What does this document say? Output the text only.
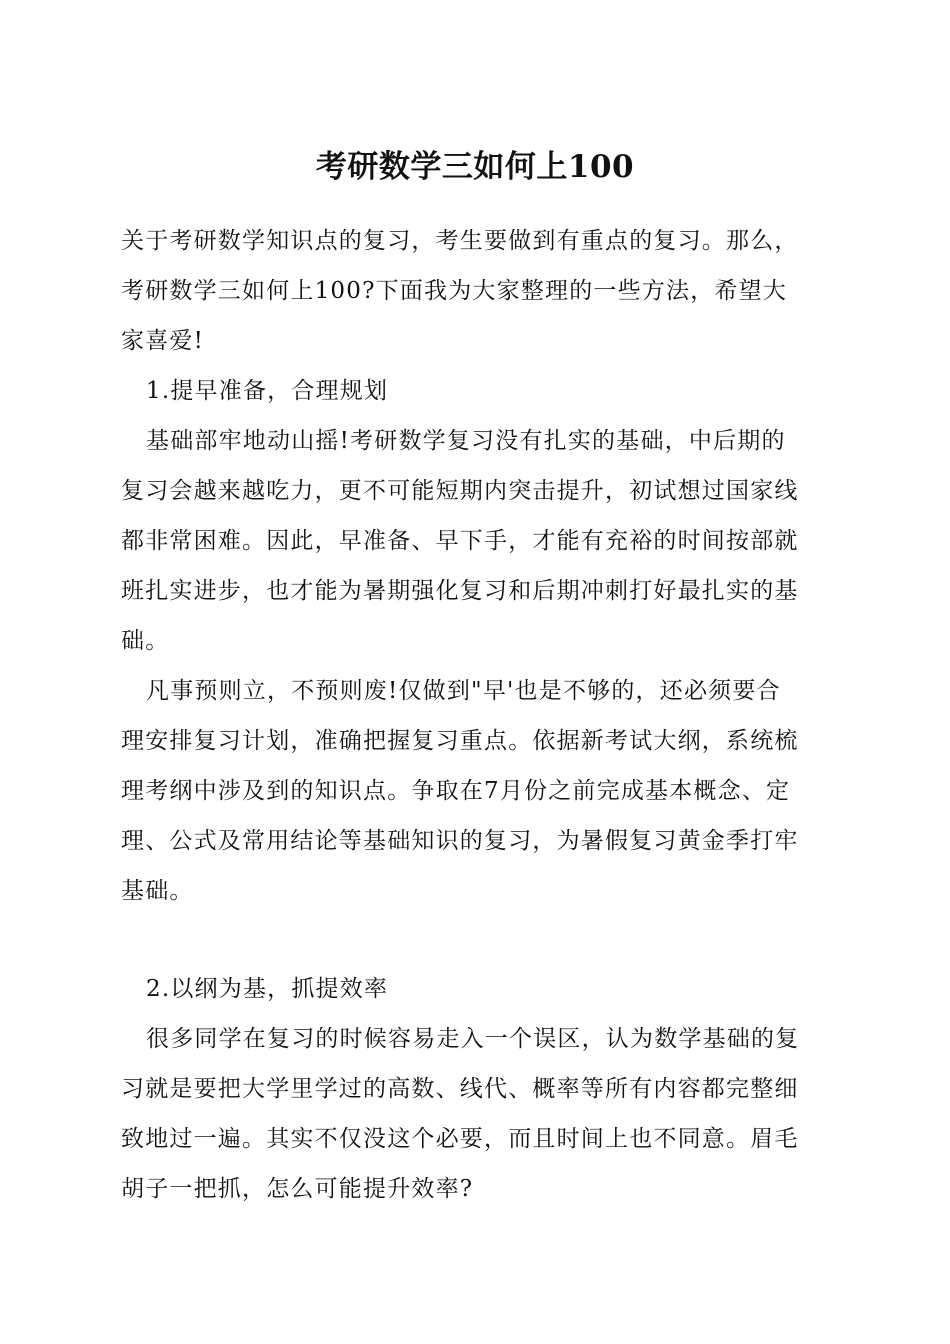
考研数学三如何上100
关于考研数学知识点的复习，考生要做到有重点的复习。那么，
考研数学三如何上100?下面我为大家整理的一些方法，希望大
家喜爱!
1.提早准备，合理规划
基础部牢地动山摇!考研数学复习没有扎实的基础，中后期的
复习会越来越吃力，更不可能短期内突击提升，初试想过国家线
都非常困难。因此，早准备、早下手，才能有充裕的时间按部就
班扎实进步，也才能为暑期强化复习和后期冲刺打好最扎实的基
础。
凡事预则立，不预则废!仅做到"早'也是不够的，还必须要合
理安排复习计划，准确把握复习重点。依据新考试大纲，系统梳
理考纲中涉及到的知识点。争取在7月份之前完成基本概念、定
理、公式及常用结论等基础知识的复习，为暑假复习黄金季打牢
基础。
2.以纲为基，抓提效率
很多同学在复习的时候容易走入一个误区，认为数学基础的复
习就是要把大学里学过的高数、线代、概率等所有内容都完整细
致地过一遍。其实不仅没这个必要，而且时间上也不同意。眉毛
胡子一把抓，怎么可能提升效率?
